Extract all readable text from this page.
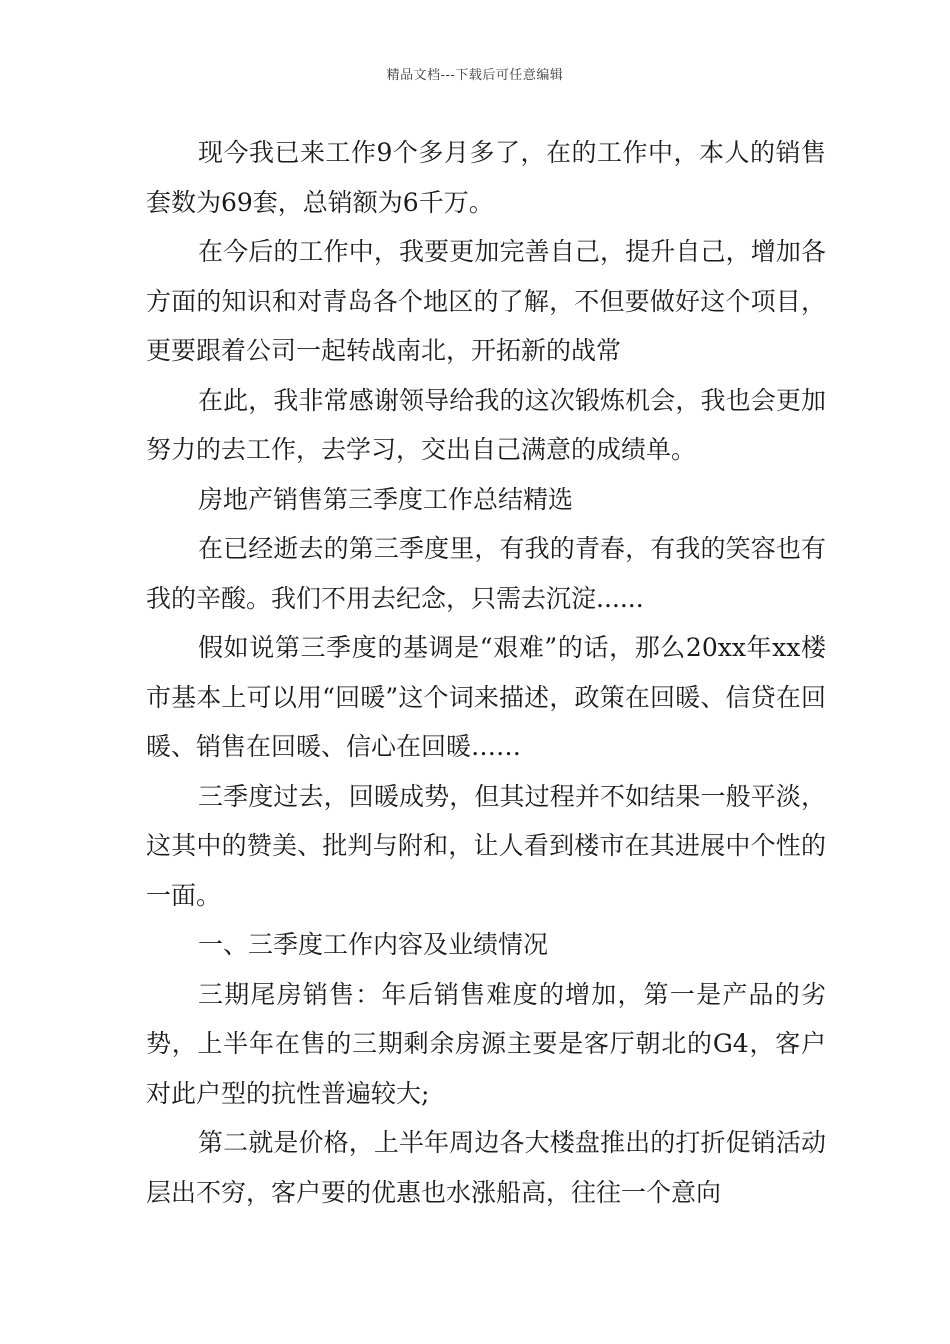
精品文档---下载后可任意编辑

现今我已来工作9个多月多了，在的工作中，本人的销售套数为69套，总销额为6千万。

在今后的工作中，我要更加完善自己，提升自己，增加各方面的知识和对青岛各个地区的了解，不但要做好这个项目，更要跟着公司一起转战南北，开拓新的战常

在此，我非常感谢领导给我的这次锻炼机会，我也会更加努力的去工作，去学习，交出自己满意的成绩单。

房地产销售第三季度工作总结精选

在已经逝去的第三季度里，有我的青春，有我的笑容也有我的辛酸。我们不用去纪念，只需去沉淀......

假如说第三季度的基调是“艰难”的话，那么20xx年xx楼市基本上可以用“回暖”这个词来描述，政策在回暖、信贷在回暖、销售在回暖、信心在回暖……

三季度过去，回暖成势，但其过程并不如结果一般平淡，这其中的赞美、批判与附和，让人看到楼市在其进展中个性的一面。

一、三季度工作内容及业绩情况

三期尾房销售：年后销售难度的增加，第一是产品的劣势，上半年在售的三期剩余房源主要是客厅朝北的G4，客户对此户型的抗性普遍较大;

第二就是价格，上半年周边各大楼盘推出的打折促销活动层出不穷，客户要的优惠也水涨船高，往往一个意向
